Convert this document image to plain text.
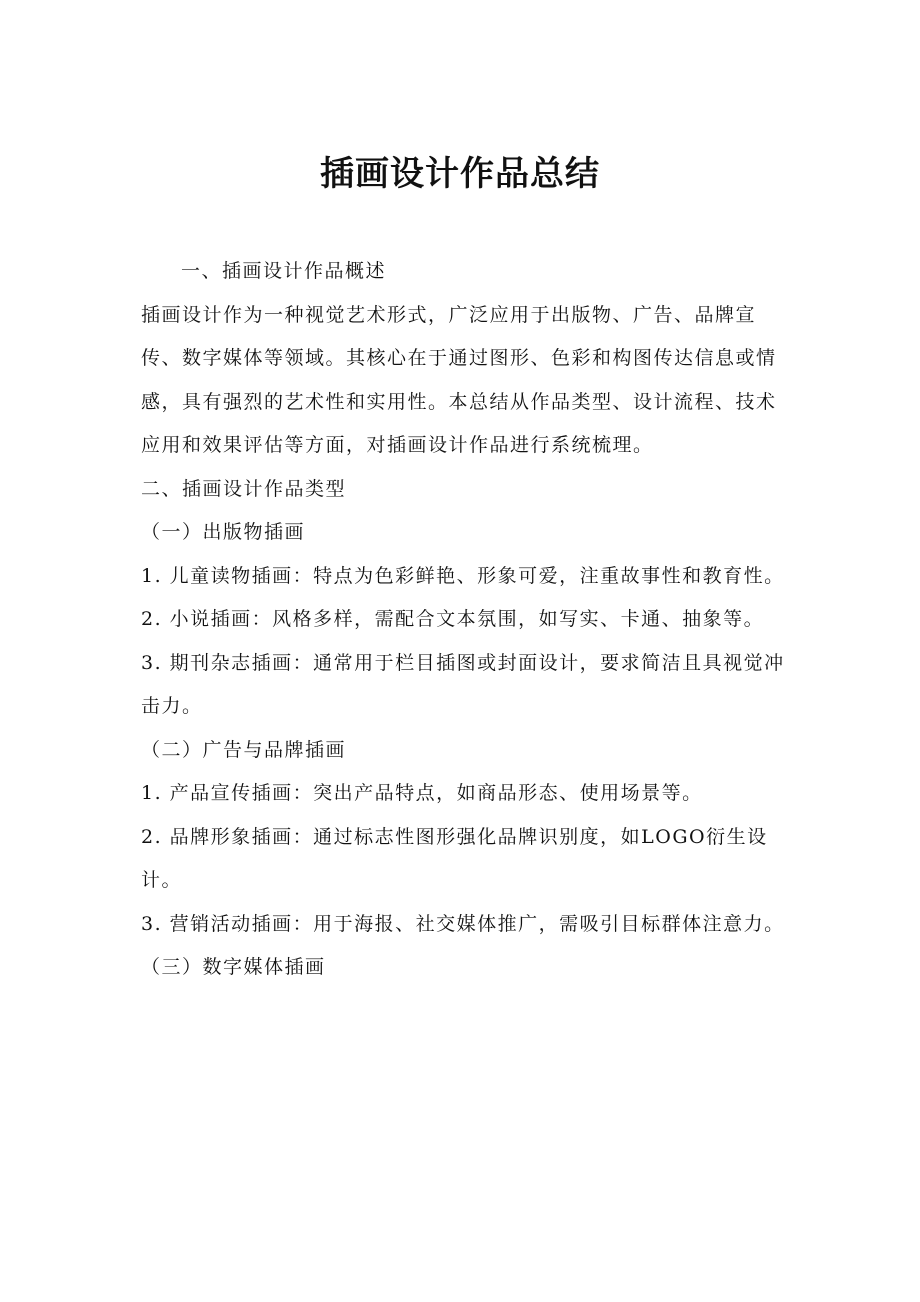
插画设计作品总结

一、插画设计作品概述

插画设计作为一种视觉艺术形式，广泛应用于出版物、广告、品牌宣传、数字媒体等领域。其核心在于通过图形、色彩和构图传达信息或情感，具有强烈的艺术性和实用性。本总结从作品类型、设计流程、技术应用和效果评估等方面，对插画设计作品进行系统梳理。

二、插画设计作品类型

（一）出版物插画

1. 儿童读物插画：特点为色彩鲜艳、形象可爱，注重故事性和教育性。

2. 小说插画：风格多样，需配合文本氛围，如写实、卡通、抽象等。

3. 期刊杂志插画：通常用于栏目插图或封面设计，要求简洁且具视觉冲击力。

（二）广告与品牌插画

1. 产品宣传插画：突出产品特点，如商品形态、使用场景等。

2. 品牌形象插画：通过标志性图形强化品牌识别度，如LOGO衍生设计。

3. 营销活动插画：用于海报、社交媒体推广，需吸引目标群体注意力。

（三）数字媒体插画
